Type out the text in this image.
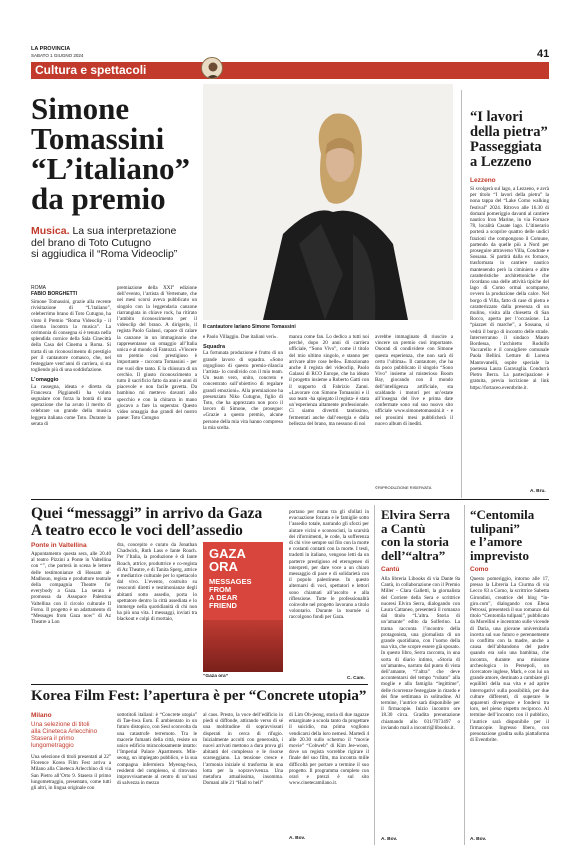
LA PROVINCIA
SABATO 1 GIUGNO 2024	41
Cultura e spettacoli
Simone
Tomassini
“L’italiano”
da premio
Musica. La sua interpretazione
del brano di Toto Cutugno
si aggiudica il “Roma Videoclip”
Il cantautore lariano Simone Tomassini
ROMA
FABIO BORGHETTI
Simone Tomassini, grazie alla recente rivisitazione di “L’italiano”, celeberrimo brano di Toto Cutugno, ha vinto il Premio “Roma Videoclip - il cinema incontra la musica”. La cerimonia di consegna si è tenuta nella splendida cornice della Sala Cinecittà della Casa del Cinema a Roma. Si tratta di un riconoscimento di prestigio per il cantautore comasco, che, nel festeggiare vent’anni di carriera, si sta togliendo più di una soddisfazione.
L’omaggio
La rassegna, ideata e diretta da Francesca Piggianelli ha voluto segnalare con forza la bontà di una operazione che ha avuto il merito di celebrare un grande della musica leggera italiana come Toto. Durante la serata di
premiazione della XXI° edizione dell’evento, l’artista di Vertemate, che nei mesi scorsi aveva pubblicato un singolo con la leggendaria canzone riarrangiata in chiave rock, ha ritirato l’ambito riconoscimento per il videoclip del brano. A dirigerlo, il regista Paolo Galassi, capace di calare la canzone in un immaginario che rappresentasse un omaggio all’Italia unica e al mondo di Fantozzi. «Vincere un premio così prestigioso è importante - racconta Tomassini - per me vuol dire tanto. E la chiusura di un cerchio. Il giusto riconoscimento a tutto il sacrificio fatto da anni e anni di piacevole e non facile gavetta. Da bambino mi mettevo davanti allo specchio e con la chitarra in mano giocavo a fare la superstar. Questo video omaggia due grandi del nostro paese: Toto Cutugno
e Paolo Villaggio. Due italiani veri».
Squadra
La fortunata produzione è frutto di un grande lavoro di squadra. «Sono orgoglioso di questo premio-rilancia l’artista- lo condivido con il mio team. Un team vero, unito, concreto e concentrato sull’obiettivo di regalare grandi emozioni». Alla premiazione ha presenziato Niko Cutugno, figlio di Toto, che ha apprezzato non poco il lavoro di Simone, che prosegue: «Grazie a questo premio, alcune persone della mia vita hanno compreso la mia scelta.
manca come fan. Lo dedico a tutti noi perché, dopo 20 anni di carriera ufficiale, “Sono Vivo”, come il titolo del mio ultimo singolo, e stanno per arrivare altre cose belle». Emozionato anche il regista del videoclip, Paolo Galassi di RCO Europe, che ha ideato il progetto insieme a Roberto Gatti con il supporto di Fabrizio Zanni. «Lavorare con Simone Tomassini e il suo team -ha spiegato il regista- è stata un’esperienza altamente professionale. Ci siamo divertiti tantissimo, fermentati anche dall’energia e dalla bellezza del brano, ma nessuno di noi
avrebbe immaginato di riuscire a vincere un premio così importante. Onorati di condividere con Simone questa esperienza, che non sarà di certo l’ultima». Il cantautore, che ha da poco pubblicato il singolo “Sono Vivo” insieme al misterioso Boom Bay, giocando con il mondo dell’intelligenza artificiale, sta scaldando i motori per un’estate all’insegna del live e prima date confermate sono sul suo nuovo sito ufficiale www.simonetomassini.it - e nei prossimi mesi pubblicherà il nuovo album di inediti.
©RIPRODUZIONE RISERVATA
“I lavori
della pietra”
Passeggiata
a Lezzeno
Lezzeno
Si svolgerà sul lago, a Lezzeno, e avrà per titolo “I lavori della pietra” la nona tappa del “Lake Como walking festival” 2024. Ritrovo alle 16.30 di domani pomeriggio davanti al cantiere nautico Iron Marine, in via Fornace 78, località Casate lago. L’itinerario porterà a scoprire quattro delle undici frazioni che compongono il Comune, partendo da quelle più a Nord per proseguire attraverso Villa, Condrate e Sossana. Si partirà dalla ex fornace, trasformata in cantiere nautico mantenendo però la ciminiera e altre caratteristiche architettoniche che ricordano una delle attività tipiche del lago di Como ormai scomparse, ovvero la produzione della calce. Nel borgo di Villa, fatto di case di pietra e caratterizzato dalla presenza di un mulino, visita alla chiesetta di San Rocco, aperta per l’occasione. La “piazzet di marche”, a Sossana, si vedrà il borgo di incontro delle strade. Interverranno il sindaco Mauro Bordessa, l’architetto Rodolfo Vaccarello e il consigliere comunale Paola Bellini. Letture di Lorena Mantovanelli, ospite speciale la poetessa Laura Garavaglia. Condurrà Pietro Berra. La partecipazione è gratuita, previa iscrizione al link https://fortaceo.eventbrite.it.
A. Bru.
Quei “messaggi” in arrivo da Gaza
A teatro ecco le voci dell’assedio
Ponte in Valtellina
Appuntamento questa sera, alle 20.40 al teatro Pizzini a Ponte in Valtellina con “”, che porterà in scena le lettere delle testimonianze di Hossam al-Madhoun, regista e produttore teatrale della compagnia Theatre for everybody a Gaza. La serata è promossa da Assopace Palestina Valtellina con il circolo culturale Il Forno. Il progetto è un adattamento di “Messages from Gaza now” di Az Theatre a Lon
dra, concepito e curato da Jonathan Chadwick, Ruth Lass e Iante Roach. Per l’Italia, la produzione è di Iante Roach, attrice, produttrice e co-regista di Az Theatre, e di Tanita Sperg, attrice e mediatrice culturale per lo spettacolo dal vivo. L’evento, costruito su resoconti diretti e testimonianze degli abitanti sotto assedio, porta lo spettatore dentro la città assediata e lo immerge nella quotidianità di chi non ha più una vita. I messaggi, inviati tra blackout e colpi di mortaio,
GAZA
ORA
MESSAGES
FROM
A DEAR
FRIEND
“Gaza ora”
portano per mano tra gli sfollati in evacuazione forzata e le famiglie sotto l’assedio totale, narrando gli sforzi per aiutare vicini e sconosciuti, la scarsità dei rifornimenti, le code, la sofferenza di chi vive sempre sul filo con la morte e costanti contatti con la morte. I testi, tradotti in italiano, vengono letti da un parterre prestigioso ed eterogeneo di interpreti, per dare voce a un chiaro messaggio di pace e di solidarietà con il popolo palestinese. In questo alternarsi di voci, spettatori e lettori sono chiamati all’ascolto e alla riflessione. Tutte le professionalità coinvolte nel progetto lavorano a titolo volontario. Durante la tournée si raccolgono fondi per Gaza.
C. Cam.
Elvira Serra
a Cantù
con la storia
dell’“altra”
Cantù
Alla libreria Libooks di via Dante 8a Cantù, in collaborazione con il Premio Miller - Clara Galletti, la giornalista del Corriere della Sera e scrittrice nuoresi Elvira Serra, dialogando con Laura Cattaneo, presenterà il romanzo dal titolo “L’altra. Storia di un’amante” edito da Solferino. La trama racconta l’incontro della protagonista, una giornalista di un grande quotidiano, con l’uomo della sua vita, che scopre essere già sposato. In questo libro, Serra racconta, in una sorta di diario intimo, «Storia di un’amante», narrato dal punto di vista dell’amante, “l’altra” che deve accontentarsi del tempo “rubato” alla moglie e alla famiglia “legittime”, delle ricorrenze festeggiate in ritardo e dei fine settimana in solitudine. Al termine, l’autrice sarà disponibile per il firmacopie. Inizio incontro ore 18.30 circa. Gradita prenotazione chiamando allo 031/7073497 o inviando mail a incontri@libooks.it.
A. Bov.
“Centomila
tulipani”
e l’amore
imprevisto
Como
Questo pomeriggio, intorno alle 17, presso la Libreria La Ciurma di via Lecco 83 a Como, la scrittrice Sabetta Girondini, creatrice del blog “in-giro.com”, dialogando con Elena Petrossi, presenterà il suo romanzo dal titolo “Centomila tulipani”, pubblicato da Morellini e incentrato sulle vicende di Daria, una giovane universitaria incerta sul suo futuro e perennemente in conflitto con la madre, anche a causa dell’abbandono del padre quando era solo una bambina, che incontra, durante una missione archeologica in Persepoli, un ricercatore inglese, Mark, e con lui un grande amore, destinato a cambiare gli equilibri della sua vita e ad aprire interrogativi sulla possibilità, per due culture differenti, di superare le apparenti divergenze e fondersi tra loro, nel pieno rispetto reciproco. Al termine dell’incontro con il pubblico, l’autrice sarà disponibile per il firmacopie. Ingresso libero, con prenotazione gradita sulla piattaforma di Eventbrite.
A. Bov.
Korea Film Fest: l’apertura è per “Concrete utopia”
Milano
Una selezione di titoli
alla Cineteca Arlecchino
Stasera il primo
lungometraggio
Una selezione di titoli presentati al 22° Florence Korea Film Fest arriva a Milano alla Cineteca Arlecchino di via San Pietro all’Orto 9. Stasera il primo lungometraggio, presentato, come tutti gli altri, in lingua originale con
sottotitoli italiani: è “Concrete utopia” di Tae-hwa Eom. È ambientato in un futuro distopico, con Seul sconvolta da una catastrofe terremoto. Tra le macerie fumanti della città, resiste un unico edificio miracolosamente intatto: l’Imperial Palace Apartments. Min-seong, un impiegato pubblico, e la sua compagna infermiera Myeong-hwa, residenti del complesso, si ritrovano improvvisamente al centro di un’oasi di salvezza in mezzo
al caos. Presto, la voce dell’edificio in piedi si diffonde, attirando verso di sé una moltitudine di sopravvissuti disperati in cerca di rifugio. Inizialmente accolti con generosità, i nuovi arrivati mettono a dura prova gli abitanti del complesso e le risorse scarseggiano. La tensione cresce e l’armonia iniziale si trasforma in una lotta per la sopravvivenza. Una metafora attualissima, insomma. Domani alle 21 “Hail to hell”
di Lim Oh-jeong, storia di due ragazze emarginate a scuola tanto da progettare il suicidio, ma prima vogliono vendicarsi della loro nemesi. Martedì 4 alle 20.30 sullo schermo il “movie movie” “Cobweb” di Kim Jee-woon, dove un regista vorrebbe rigirare il finale del suo film, ma incontra mille difficoltà per portare a termine il suo progetto. Il programma completo con orari e prezzi è sul sito www.cinetecamilano.it.
A. Bov.
